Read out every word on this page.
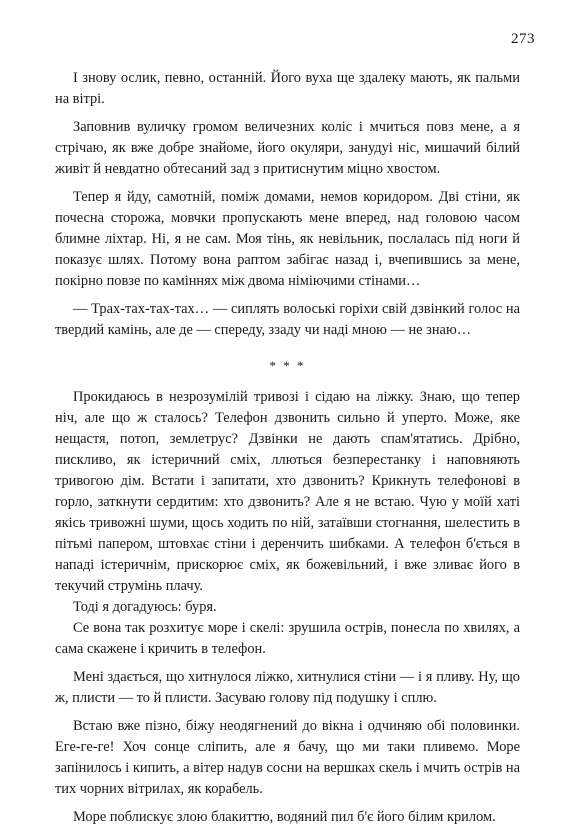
273

І знову ослик, певно, останній. Його вуха ще здалеку мають, як пальми на вітрі.

Заповнив вуличку громом величезних коліс і мчиться повз мене, а я стрічаю, як вже добре знайоме, його окуляри, занудуі ніс, мишачий білий живіт й невдатно обтесаний зад з притиснутим міцно хвостом.

Тепер я йду, самотній, поміж домами, немов коридором. Дві стіни, як почесна сторожа, мовчки пропускають мене вперед, над головою часом блимне ліхтар. Ні, я не сам. Моя тінь, як невільник, послалась під ноги й показує шлях. Потому вона раптом забігає назад і, вчепившись за мене, покірно повзе по каміннях між двома німіючими стінами…

— Трах-тах-тах-тах… — сиплять волоські горіхи свій дзвінкий голос на твердий камінь, але де — спереду, ззаду чи наді мною — не знаю…

* * *

Прокидаюсь в незрозумілій тривозі і сідаю на ліжку. Знаю, що тепер ніч, але що ж сталось? Телефон дзвонить сильно й уперто. Може, яке нещастя, потоп, землетрус? Дзвінки не дають спам'ятатись. Дрібно, пискливо, як істеричний сміх, ллються безперестанку і наповняють тривогою дім. Встати і запитати, хто дзвонить? Крикнуть телефонові в горло, заткнути сердитим: хто дзвонить? Але я не встаю. Чую у моїй хаті якісь тривожні шуми, щось ходить по ній, затаївши стогнання, шелестить в пітьмі папером, штовхає стіни і деренчить шибками. А телефон б'ється в нападі істеричнім, прискорює сміх, як божевільний, і вже зливає його в текучий струмінь плачу.

Тоді я догадуюсь: буря.

Се вона так розхитує море і скелі: зрушила острів, понесла по хвилях, а сама скажене і кричить в телефон.

Мені здається, що хитнулося ліжко, хитнулися стіни — і я пливу. Ну, що ж, плисти — то й плисти. Засуваю голову під подушку і сплю.

Встаю вже пізно, біжу неодягнений до вікна і одчиняю обі половинки. Еге-ге-ге! Хоч сонце сліпить, але я бачу, що ми таки пливемо. Море запінилось і кипить, а вітер надув сосни на вершках скель і мчить острів на тих чорних вітрилах, як корабель.

Море поблискує злою блакиттю, водяний пил б'є його білим крилом.
